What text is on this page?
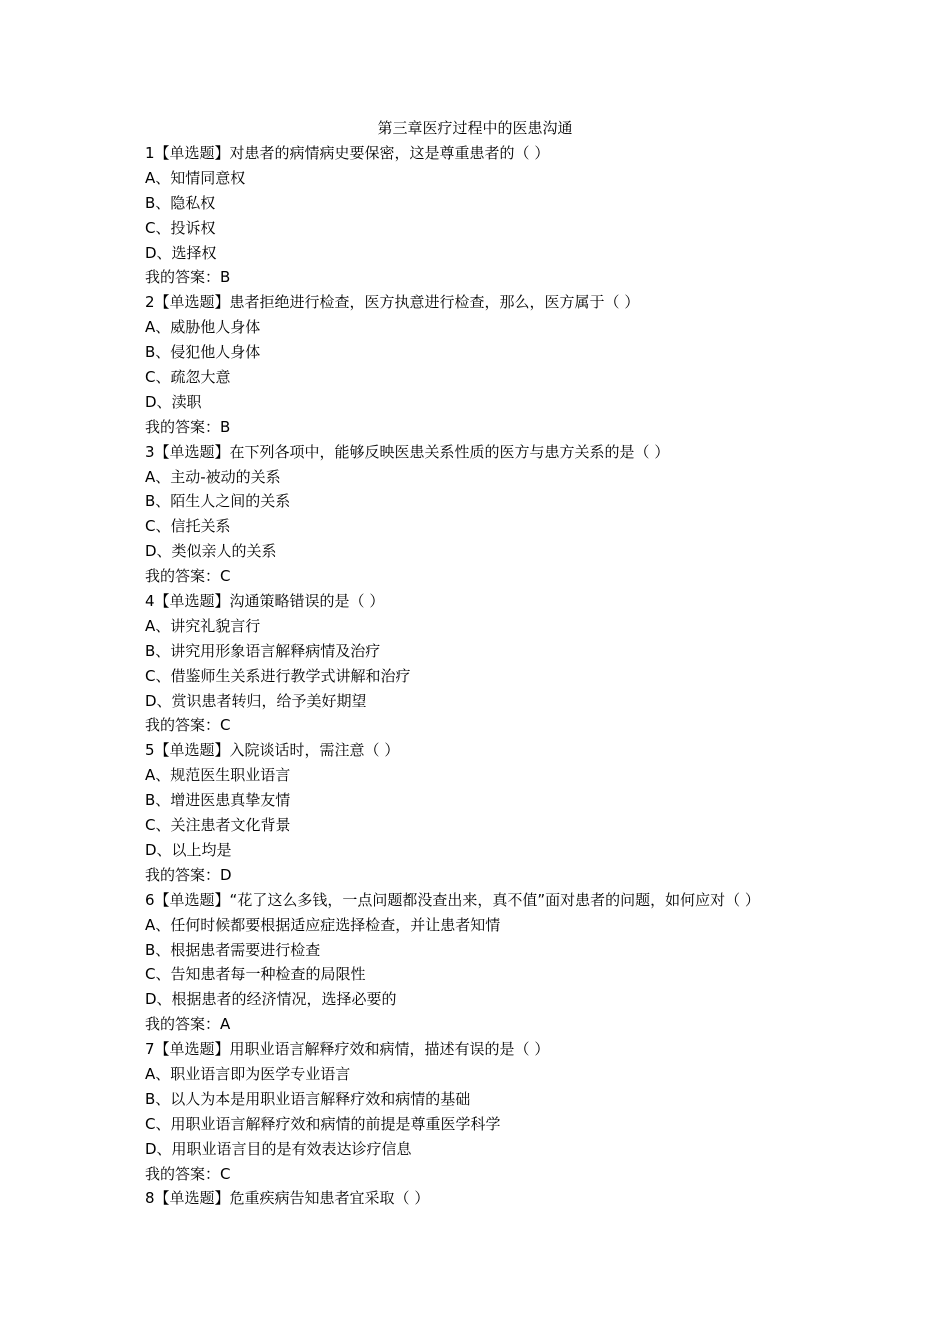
第三章医疗过程中的医患沟通

1【单选题】对患者的病情病史要保密，这是尊重患者的（ ）

A、知情同意权

B、隐私权

C、投诉权

D、选择权

我的答案：B

2【单选题】患者拒绝进行检查，医方执意进行检查，那么，医方属于（ ）

A、威胁他人身体

B、侵犯他人身体

C、疏忽大意

D、渎职

我的答案：B

3【单选题】在下列各项中，能够反映医患关系性质的医方与患方关系的是（ ）

A、主动-被动的关系

B、陌生人之间的关系

C、信托关系

D、类似亲人的关系

我的答案：C

4【单选题】沟通策略错误的是（ ）

A、讲究礼貌言行

B、讲究用形象语言解释病情及治疗

C、借鉴师生关系进行教学式讲解和治疗

D、赏识患者转归，给予美好期望

我的答案：C

5【单选题】入院谈话时，需注意（ ）

A、规范医生职业语言

B、增进医患真挚友情

C、关注患者文化背景

D、以上均是

我的答案：D

6【单选题】“花了这么多钱，一点问题都没查出来，真不值”面对患者的问题，如何应对（ ）

A、任何时候都要根据适应症选择检查，并让患者知情

B、根据患者需要进行检查

C、告知患者每一种检查的局限性

D、根据患者的经济情况，选择必要的

我的答案：A

7【单选题】用职业语言解释疗效和病情，描述有误的是（ ）

A、职业语言即为医学专业语言

B、以人为本是用职业语言解释疗效和病情的基础

C、用职业语言解释疗效和病情的前提是尊重医学科学

D、用职业语言目的是有效表达诊疗信息

我的答案：C

8【单选题】危重疾病告知患者宜采取（ ）
